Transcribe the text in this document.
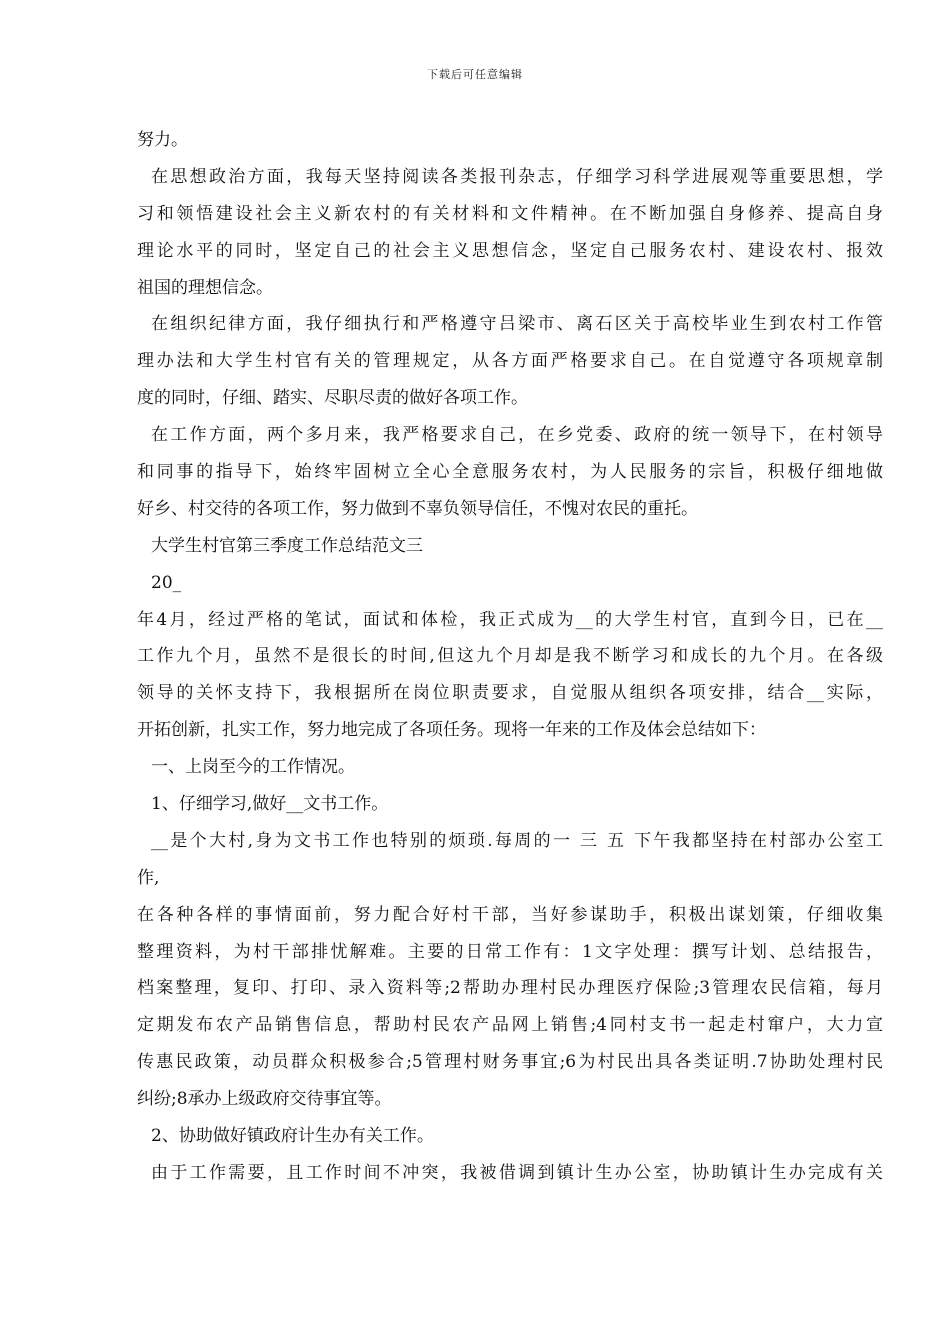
下载后可任意编辑
努力。
在思想政治方面，我每天坚持阅读各类报刊杂志，仔细学习科学进展观等重要思想，学
习和领悟建设社会主义新农村的有关材料和文件精神。在不断加强自身修养、提高自身
理论水平的同时，坚定自己的社会主义思想信念，坚定自己服务农村、建设农村、报效
祖国的理想信念。
在组织纪律方面，我仔细执行和严格遵守吕梁市、离石区关于高校毕业生到农村工作管
理办法和大学生村官有关的管理规定，从各方面严格要求自己。在自觉遵守各项规章制
度的同时，仔细、踏实、尽职尽责的做好各项工作。
在工作方面，两个多月来，我严格要求自己，在乡党委、政府的统一领导下，在村领导
和同事的指导下，始终牢固树立全心全意服务农村，为人民服务的宗旨，积极仔细地做
好乡、村交待的各项工作，努力做到不辜负领导信任，不愧对农民的重托。
大学生村官第三季度工作总结范文三
20_
年4月，经过严格的笔试，面试和体检，我正式成为__的大学生村官，直到今日，已在__
工作九个月，虽然不是很长的时间,但这九个月却是我不断学习和成长的九个月。在各级
领导的关怀支持下，我根据所在岗位职责要求，自觉服从组织各项安排，结合__实际，
开拓创新，扎实工作，努力地完成了各项任务。现将一年来的工作及体会总结如下：
一、上岗至今的工作情况。
1、仔细学习,做好__文书工作。
__是个大村,身为文书工作也特别的烦琐.每周的一 三 五 下午我都坚持在村部办公室工
作,
在各种各样的事情面前，努力配合好村干部，当好参谋助手，积极出谋划策，仔细收集
整理资料，为村干部排忧解难。主要的日常工作有：1文字处理：撰写计划、总结报告，
档案整理，复印、打印、录入资料等;2帮助办理村民办理医疗保险;3管理农民信箱，每月
定期发布农产品销售信息，帮助村民农产品网上销售;4同村支书一起走村窜户，大力宣
传惠民政策，动员群众积极参合;5管理村财务事宜;6为村民出具各类证明.7协助处理村民
纠纷;8承办上级政府交待事宜等。
2、协助做好镇政府计生办有关工作。
由于工作需要，且工作时间不冲突，我被借调到镇计生办公室，协助镇计生办完成有关
